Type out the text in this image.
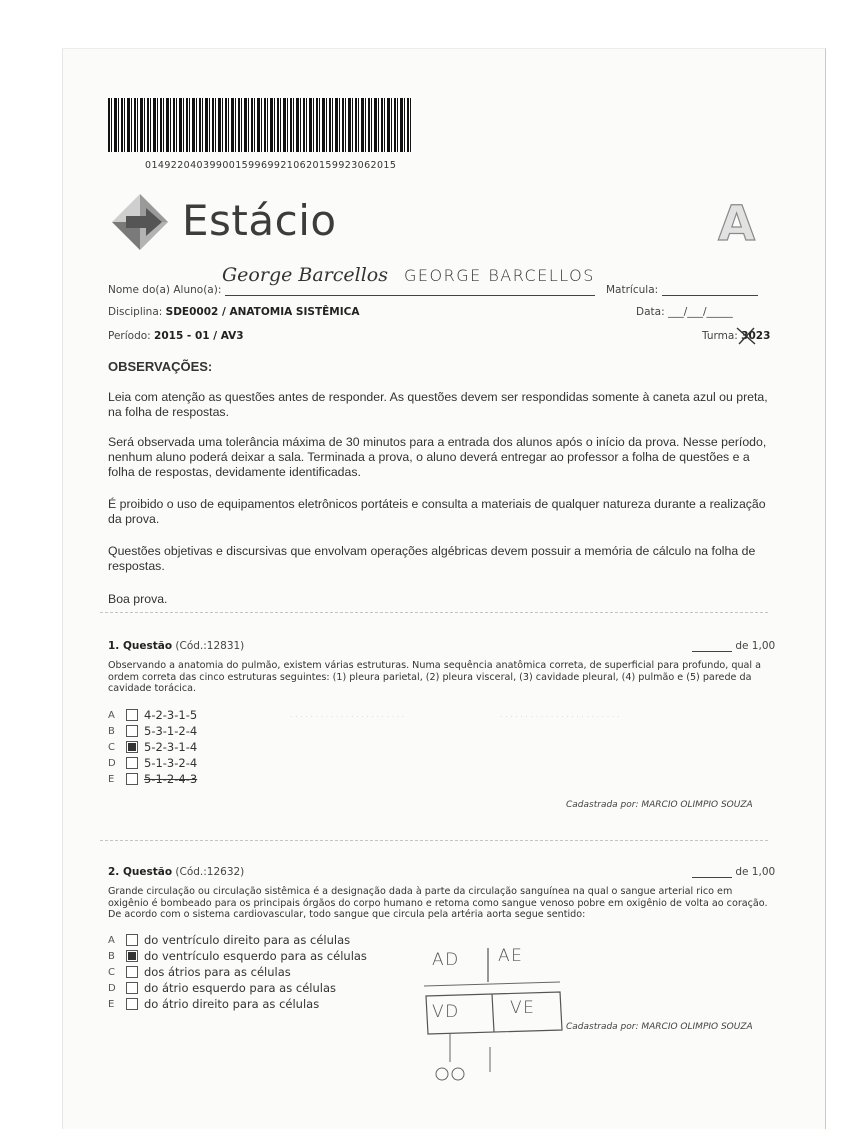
014922040399001599699210620159923062015
Estácio	A
Nome do(a) Aluno(a):
George Barcellos GEORGE BARCELLOS
Matrícula:
Disciplina: SDE0002 / ANATOMIA SISTÊMICA	Data: ___/___/_____
Período: 2015 - 01 / AV3	Turma: 3023
OBSERVAÇÕES:
Leia com atenção as questões antes de responder. As questões devem ser respondidas somente à caneta azul ou preta, na folha de respostas.
Será observada uma tolerância máxima de 30 minutos para a entrada dos alunos após o início da prova. Nesse período, nenhum aluno poderá deixar a sala. Terminada a prova, o aluno deverá entregar ao professor a folha de questões e a folha de respostas, devidamente identificadas.
É proibido o uso de equipamentos eletrônicos portáteis e consulta a materiais de qualquer natureza durante a realização da prova.
Questões objetivas e discursivas que envolvam operações algébricas devem possuir a memória de cálculo na folha de respostas.
Boa prova.
1. Questão (Cód.:12831)	de 1,00
Observando a anatomia do pulmão, existem várias estruturas. Numa sequência anatômica correta, de superficial para profundo, qual a ordem correta das cinco estruturas seguintes: (1) pleura parietal, (2) pleura visceral, (3) cavidade pleural, (4) pulmão e (5) parede da cavidade torácica.
A	4-2-3-1-5
B	5-3-1-2-4
C	5-2-3-1-4
D	5-1-3-2-4
E	5-1-2-4-3
Cadastrada por: MARCIO OLIMPIO SOUZA
. . . . . . . . . . . . . . . . . . . . . . .	. . . . . . . . . . . . . . . . . . . . . . . .
2. Questão (Cód.:12632)	de 1,00
Grande circulação ou circulação sistêmica é a designação dada à parte da circulação sanguínea na qual o sangue arterial rico em oxigênio é bombeado para os principais órgãos do corpo humano e retoma como sangue venoso pobre em oxigênio de volta ao coração. De acordo com o sistema cardiovascular, todo sangue que circula pela artéria aorta segue sentido:
A	do ventrículo direito para as células
B	do ventrículo esquerdo para as células
C	dos átrios para as células
D	do átrio esquerdo para as células
E	do átrio direito para as células
Cadastrada por: MARCIO OLIMPIO SOUZA
AD AE
VD	VE
